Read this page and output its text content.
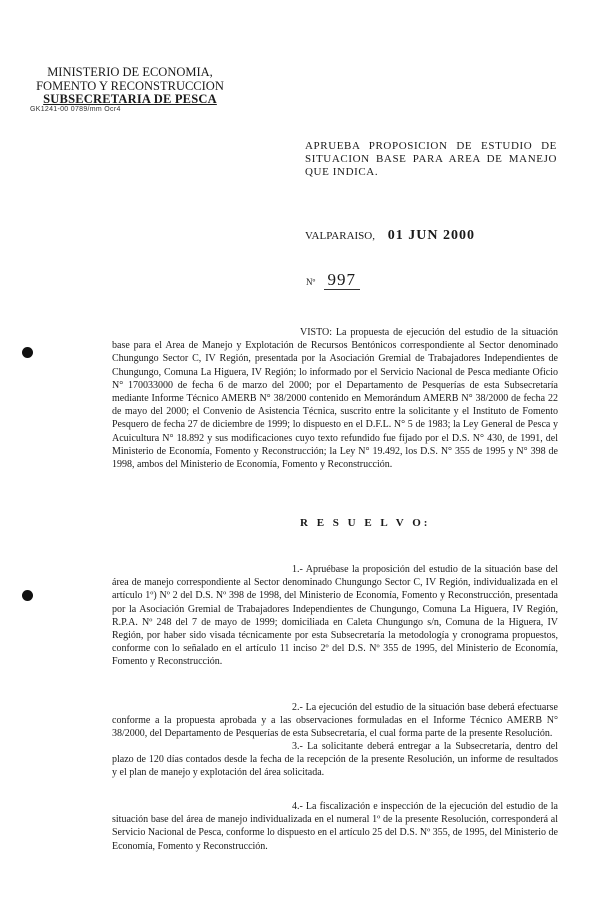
MINISTERIO DE ECONOMIA,
FOMENTO Y RECONSTRUCCION
SUBSECRETARIA DE PESCA
GK1241-00 0789/mm Ocr4
APRUEBA PROPOSICION DE ESTUDIO DE SITUACION BASE PARA AREA DE MANEJO QUE INDICA.
VALPARAISO, 01 JUN 2000
Nº 997
VISTO: La propuesta de ejecución del estudio de la situación base para el Area de Manejo y Explotación de Recursos Bentónicos correspondiente al Sector denominado Chungungo Sector C, IV Región, presentada por la Asociación Gremial de Trabajadores Independientes de Chungungo, Comuna La Higuera, IV Región; lo informado por el Servicio Nacional de Pesca mediante Oficio N° 170033000 de fecha 6 de marzo del 2000; por el Departamento de Pesquerías de esta Subsecretaría mediante Informe Técnico AMERB N° 38/2000 contenido en Memorándum AMERB N° 38/2000 de fecha 22 de mayo del 2000; el Convenio de Asistencia Técnica, suscrito entre la solicitante y el Instituto de Fomento Pesquero de fecha 27 de diciembre de 1999; lo dispuesto en el D.F.L. N° 5 de 1983; la Ley General de Pesca y Acuicultura N° 18.892 y sus modificaciones cuyo texto refundido fue fijado por el D.S. N° 430, de 1991, del Ministerio de Economía, Fomento y Reconstrucción; la Ley N° 19.492, los D.S. N° 355 de 1995 y N° 398 de 1998, ambos del Ministerio de Economía, Fomento y Reconstrucción.
R E S U E L V O:
1.- Apruébase la proposición del estudio de la situación base del área de manejo correspondiente al Sector denominado Chungungo Sector C, IV Región, individualizada en el artículo 1º) Nº 2 del D.S. Nº 398 de 1998, del Ministerio de Economía, Fomento y Reconstrucción, presentada por la Asociación Gremial de Trabajadores Independientes de Chungungo, Comuna La Higuera, IV Región, R.P.A. Nº 248 del 7 de mayo de 1999; domiciliada en Caleta Chungungo s/n, Comuna de la Higuera, IV Región, por haber sido visada técnicamente por esta Subsecretaría la metodología y cronograma propuestos, conforme con lo señalado en el artículo 11 inciso 2º del D.S. Nº 355 de 1995, del Ministerio de Economía, Fomento y Reconstrucción.
2.- La ejecución del estudio de la situación base deberá efectuarse conforme a la propuesta aprobada y a las observaciones formuladas en el Informe Técnico AMERB N° 38/2000, del Departamento de Pesquerías de esta Subsecretaría, el cual forma parte de la presente Resolución.
3.- La solicitante deberá entregar a la Subsecretaría, dentro del plazo de 120 días contados desde la fecha de la recepción de la presente Resolución, un informe de resultados y el plan de manejo y explotación del área solicitada.
4.- La fiscalización e inspección de la ejecución del estudio de la situación base del área de manejo individualizada en el numeral 1º de la presente Resolución, corresponderá al Servicio Nacional de Pesca, conforme lo dispuesto en el artículo 25 del D.S. Nº 355, de 1995, del Ministerio de Economía, Fomento y Reconstrucción.
